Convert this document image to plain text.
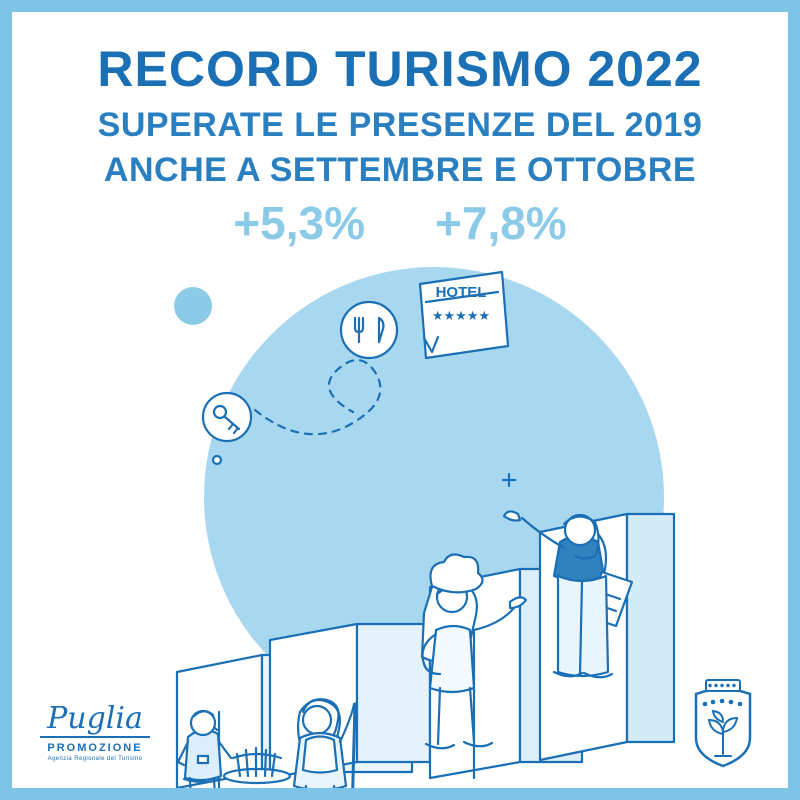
RECORD TURISMO 2022
SUPERATE LE PRESENZE DEL 2019
ANCHE A SETTEMBRE E OTTOBRE
+5,3% +7,8%
HOTEL
★★★★★
Puglia
PROMOZIONE
Agenzia Regionale del Turismo
